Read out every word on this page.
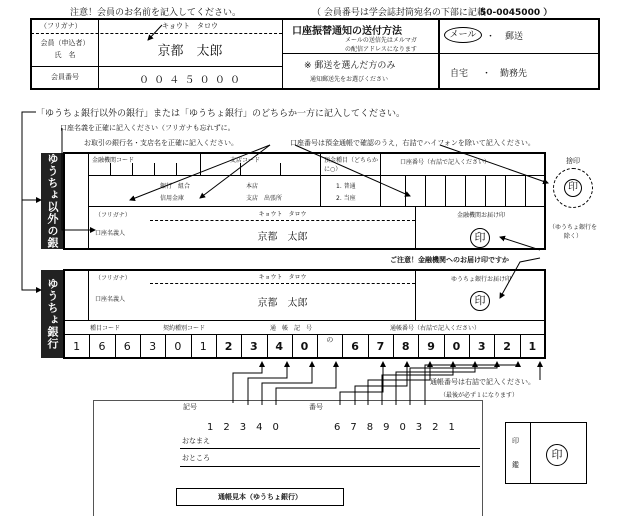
注意！会員のお名前を記入してください。	（ 会員番号は学会誌封筒宛名の下部に記載
50-0045000 ）
（フリガナ）	キョウト　タロウ
会員（申込者）
氏　名	京都　太郎
会員番号	０ ０ ４ ５ ０ ０ ０
口座振替通知の送付方法
メールの送信先はメルマガ
の配信アドレスになります
メール	・ 郵送
※ 郵送を選んだ方のみ
通知郵送先をお選びください
自宅 ・ 勤務先
「ゆうちょ銀行以外の銀行」または「ゆうちょ銀行」のどちらか一方に記入してください。
口座名義を正確に記入ください（フリガナも忘れずに。
お取引の銀行名・支店名を正確に記入ください。	口座番号は預金通帳で確認のうえ，右詰でハイフォンを除いて記入ください。
捨印
ゆうちょ以外の銀行
金融機関コード	支店コード	預金種目（どちらかに○）
口座番号（右詰で記入ください）
銀行　組合
信用金庫
本店
支店　出張所
1. 普通
2. 当座
（フリガナ）	キョウト　タロウ
口座名義人	京都　太郎
金融機関お届け印
印
印
（ゆうちょ銀行を除く）
ご注意！金融機関へのお届け印ですか
ゆうちょ銀行	（フリガナ）	キョウト　タロウ
口座名義人	京都　太郎
ゆうちょ銀行お届け印
印
種目コード	契約種別コード	通　帳　記　号	通帳番号（右詰で記入ください）
1	6	6	3	0	1	2	3	4	0	の	6	7	8	9	0	3	2	1
通帳番号は右詰で記入ください。
（最後が必ず１になります）
記号	番号
1　2　3　4　0	6　7　8　9　0　3　2　1
おなまえ
おところ
印
鑑
印
通帳見本（ゆうちょ銀行）
